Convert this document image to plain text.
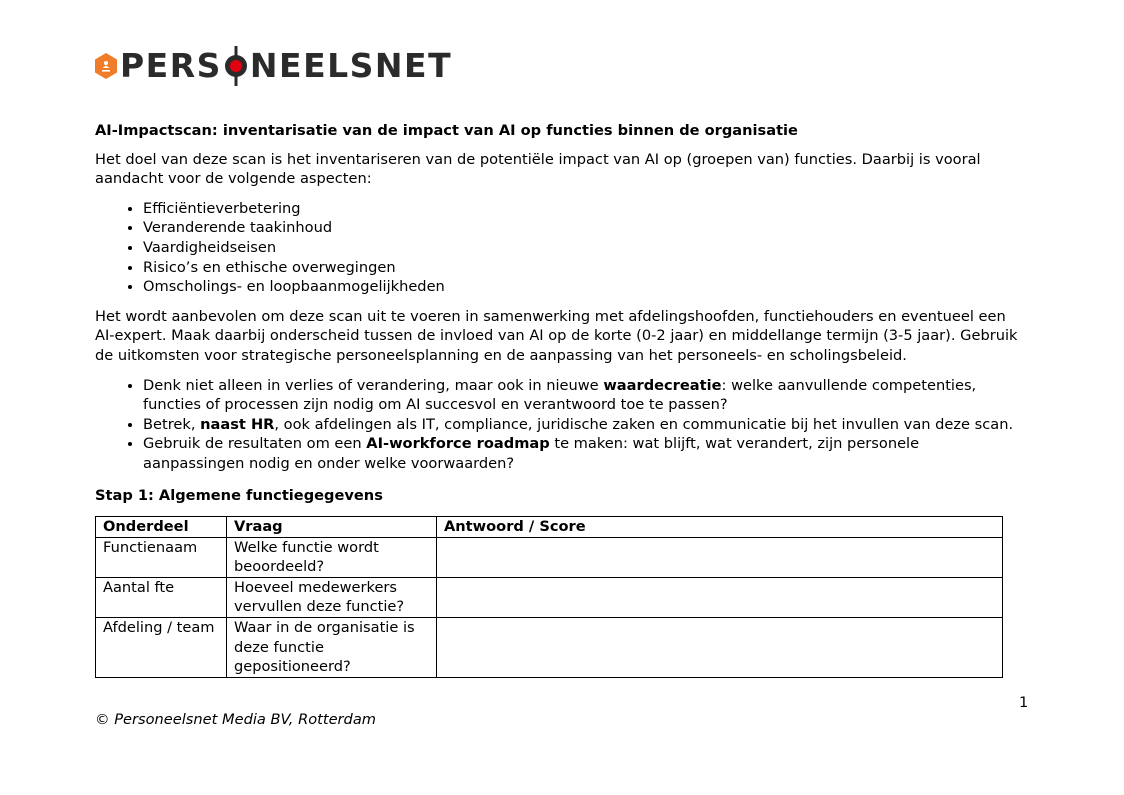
PERS NEELSNET
AI-Impactscan: inventarisatie van de impact van AI op functies binnen de organisatie

Het doel van deze scan is het inventariseren van de potentiële impact van AI op (groepen van) functies. Daarbij is vooral aandacht voor de volgende aspecten:

• Efficiëntieverbetering
• Veranderende taakinhoud
• Vaardigheidseisen
• Risico’s en ethische overwegingen
• Omscholings- en loopbaanmogelijkheden

Het wordt aanbevolen om deze scan uit te voeren in samenwerking met afdelingshoofden, functiehouders en eventueel een AI-expert. Maak daarbij onderscheid tussen de invloed van AI op de korte (0-2 jaar) en middellange termijn (3-5 jaar). Gebruik de uitkomsten voor strategische personeelsplanning en de aanpassing van het personeels- en scholingsbeleid.

• Denk niet alleen in verlies of verandering, maar ook in nieuwe waardecreatie: welke aanvullende competenties, functies of processen zijn nodig om AI succesvol en verantwoord toe te passen?
• Betrek, naast HR, ook afdelingen als IT, compliance, juridische zaken en communicatie bij het invullen van deze scan.
• Gebruik de resultaten om een AI-workforce roadmap te maken: wat blijft, wat verandert, zijn personele aanpassingen nodig en onder welke voorwaarden?
Stap 1: Algemene functiegegevens
Onderdeel	Vraag	Antwoord / Score
Functienaam	Welke functie wordt beoordeeld?	
Aantal fte	Hoeveel medewerkers vervullen deze functie?	
Afdeling / team	Waar in de organisatie is deze functie gepositioneerd?	
1
© Personeelsnet Media BV, Rotterdam
